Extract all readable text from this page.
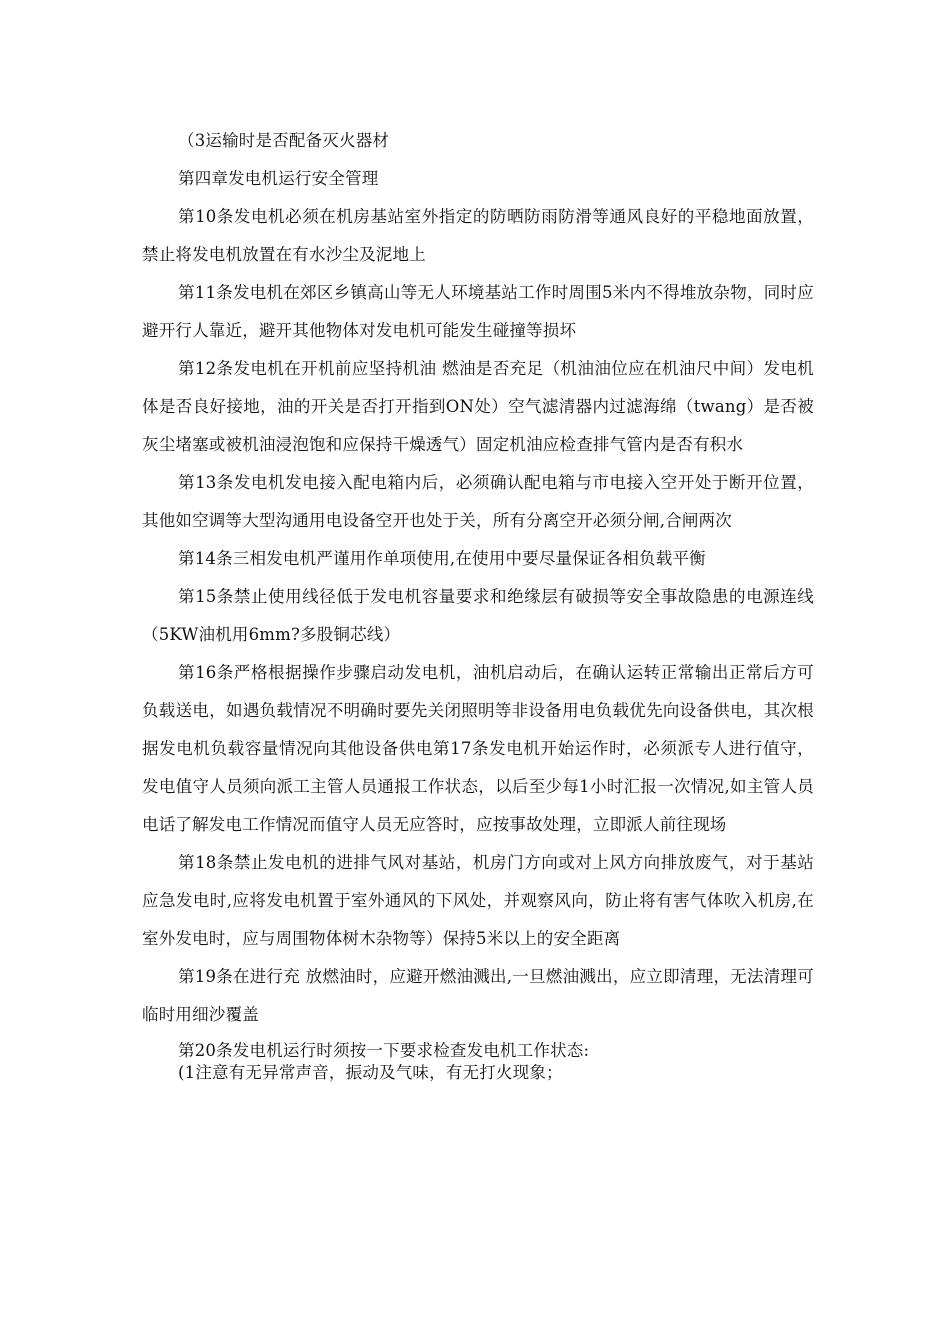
（3运输时是否配备灭火器材

第四章发电机运行安全管理

第10条发电机必须在机房基站室外指定的防晒防雨防滑等通风良好的平稳地面放置，禁止将发电机放置在有水沙尘及泥地上

第11条发电机在郊区乡镇高山等无人环境基站工作时周围5米内不得堆放杂物，同时应避开行人靠近，避开其他物体对发电机可能发生碰撞等损坏

第12条发电机在开机前应坚持机油 燃油是否充足（机油油位应在机油尺中间）发电机体是否良好接地，油的开关是否打开指到ON处）空气滤清器内过滤海绵（twang）是否被灰尘堵塞或被机油浸泡饱和应保持干燥透气）固定机油应检查排气管内是否有积水

第13条发电机发电接入配电箱内后，必须确认配电箱与市电接入空开处于断开位置，其他如空调等大型沟通用电设备空开也处于关，所有分离空开必须分闸,合闸两次

第14条三相发电机严谨用作单项使用,在使用中要尽量保证各相负载平衡

第15条禁止使用线径低于发电机容量要求和绝缘层有破损等安全事故隐患的电源连线（5KW油机用6mm?多股铜芯线）

第16条严格根据操作步骤启动发电机，油机启动后，在确认运转正常输出正常后方可负载送电，如遇负载情况不明确时要先关闭照明等非设备用电负载优先向设备供电，其次根据发电机负载容量情况向其他设备供电第17条发电机开始运作时，必须派专人进行值守，发电值守人员须向派工主管人员通报工作状态，以后至少每1小时汇报一次情况,如主管人员电话了解发电工作情况而值守人员无应答时，应按事故处理，立即派人前往现场

第18条禁止发电机的进排气风对基站，机房门方向或对上风方向排放废气，对于基站应急发电时,应将发电机置于室外通风的下风处，并观察风向，防止将有害气体吹入机房,在室外发电时，应与周围物体树木杂物等）保持5米以上的安全距离

第19条在进行充 放燃油时，应避开燃油溅出,一旦燃油溅出，应立即清理，无法清理可临时用细沙覆盖

第20条发电机运行时须按一下要求检查发电机工作状态:

(1注意有无异常声音，振动及气味，有无打火现象；
